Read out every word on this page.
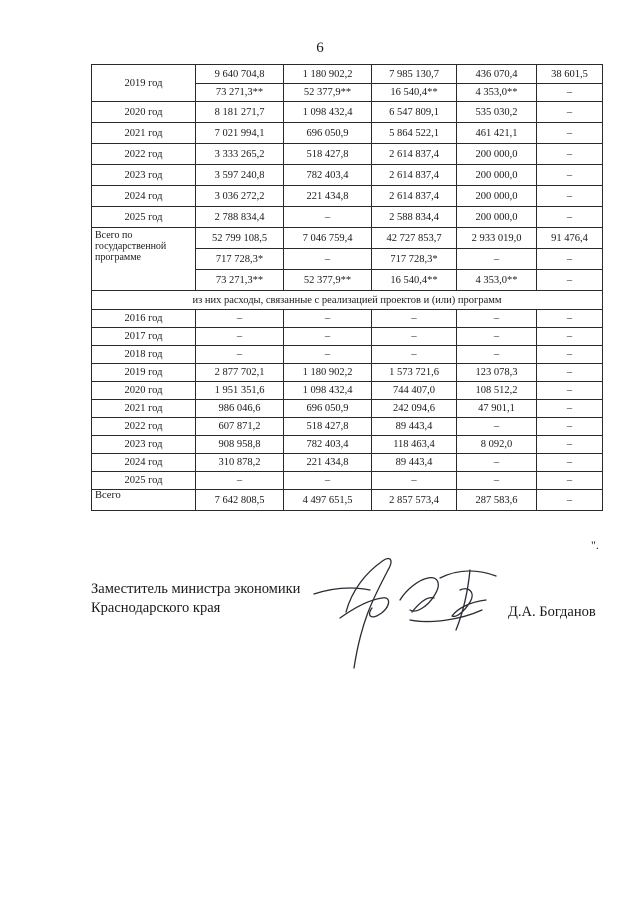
6
2019 год	9 640 704,8	1 180 902,2	7 985 130,7	436 070,4	38 601,5
	73 271,3**	52 377,9**	16 540,4**	4 353,0**	–
2020 год	8 181 271,7	1 098 432,4	6 547 809,1	535 030,2	–
2021 год	7 021 994,1	696 050,9	5 864 522,1	461 421,1	–
2022 год	3 333 265,2	518 427,8	2 614 837,4	200 000,0	–
2023 год	3 597 240,8	782 403,4	2 614 837,4	200 000,0	–
2024 год	3 036 272,2	221 434,8	2 614 837,4	200 000,0	–
2025 год	2 788 834,4	–	2 588 834,4	200 000,0	–
Всего по государственной программе	52 799 108,5	7 046 759,4	42 727 853,7	2 933 019,0	91 476,4
	717 728,3*	–	717 728,3*	–	–
	73 271,3**	52 377,9**	16 540,4**	4 353,0**	–
из них расходы, связанные с реализацией проектов и (или) программ					
2016 год	–	–	–	–	–
2017 год	–	–	–	–	–
2018 год	–	–	–	–	–
2019 год	2 877 702,1	1 180 902,2	1 573 721,6	123 078,3	–
2020 год	1 951 351,6	1 098 432,4	744 407,0	108 512,2	–
2021 год	986 046,6	696 050,9	242 094,6	47 901,1	–
2022 год	607 871,2	518 427,8	89 443,4	–	–
2023 год	908 958,8	782 403,4	118 463,4	8 092,0	–
2024 год	310 878,2	221 434,8	89 443,4	–	–
2025 год	–	–	–	–	–
Всего	7 642 808,5	4 497 651,5	2 857 573,4	287 583,6	–
".
Заместитель министра экономики
Краснодарского края	Д.А. Богданов
